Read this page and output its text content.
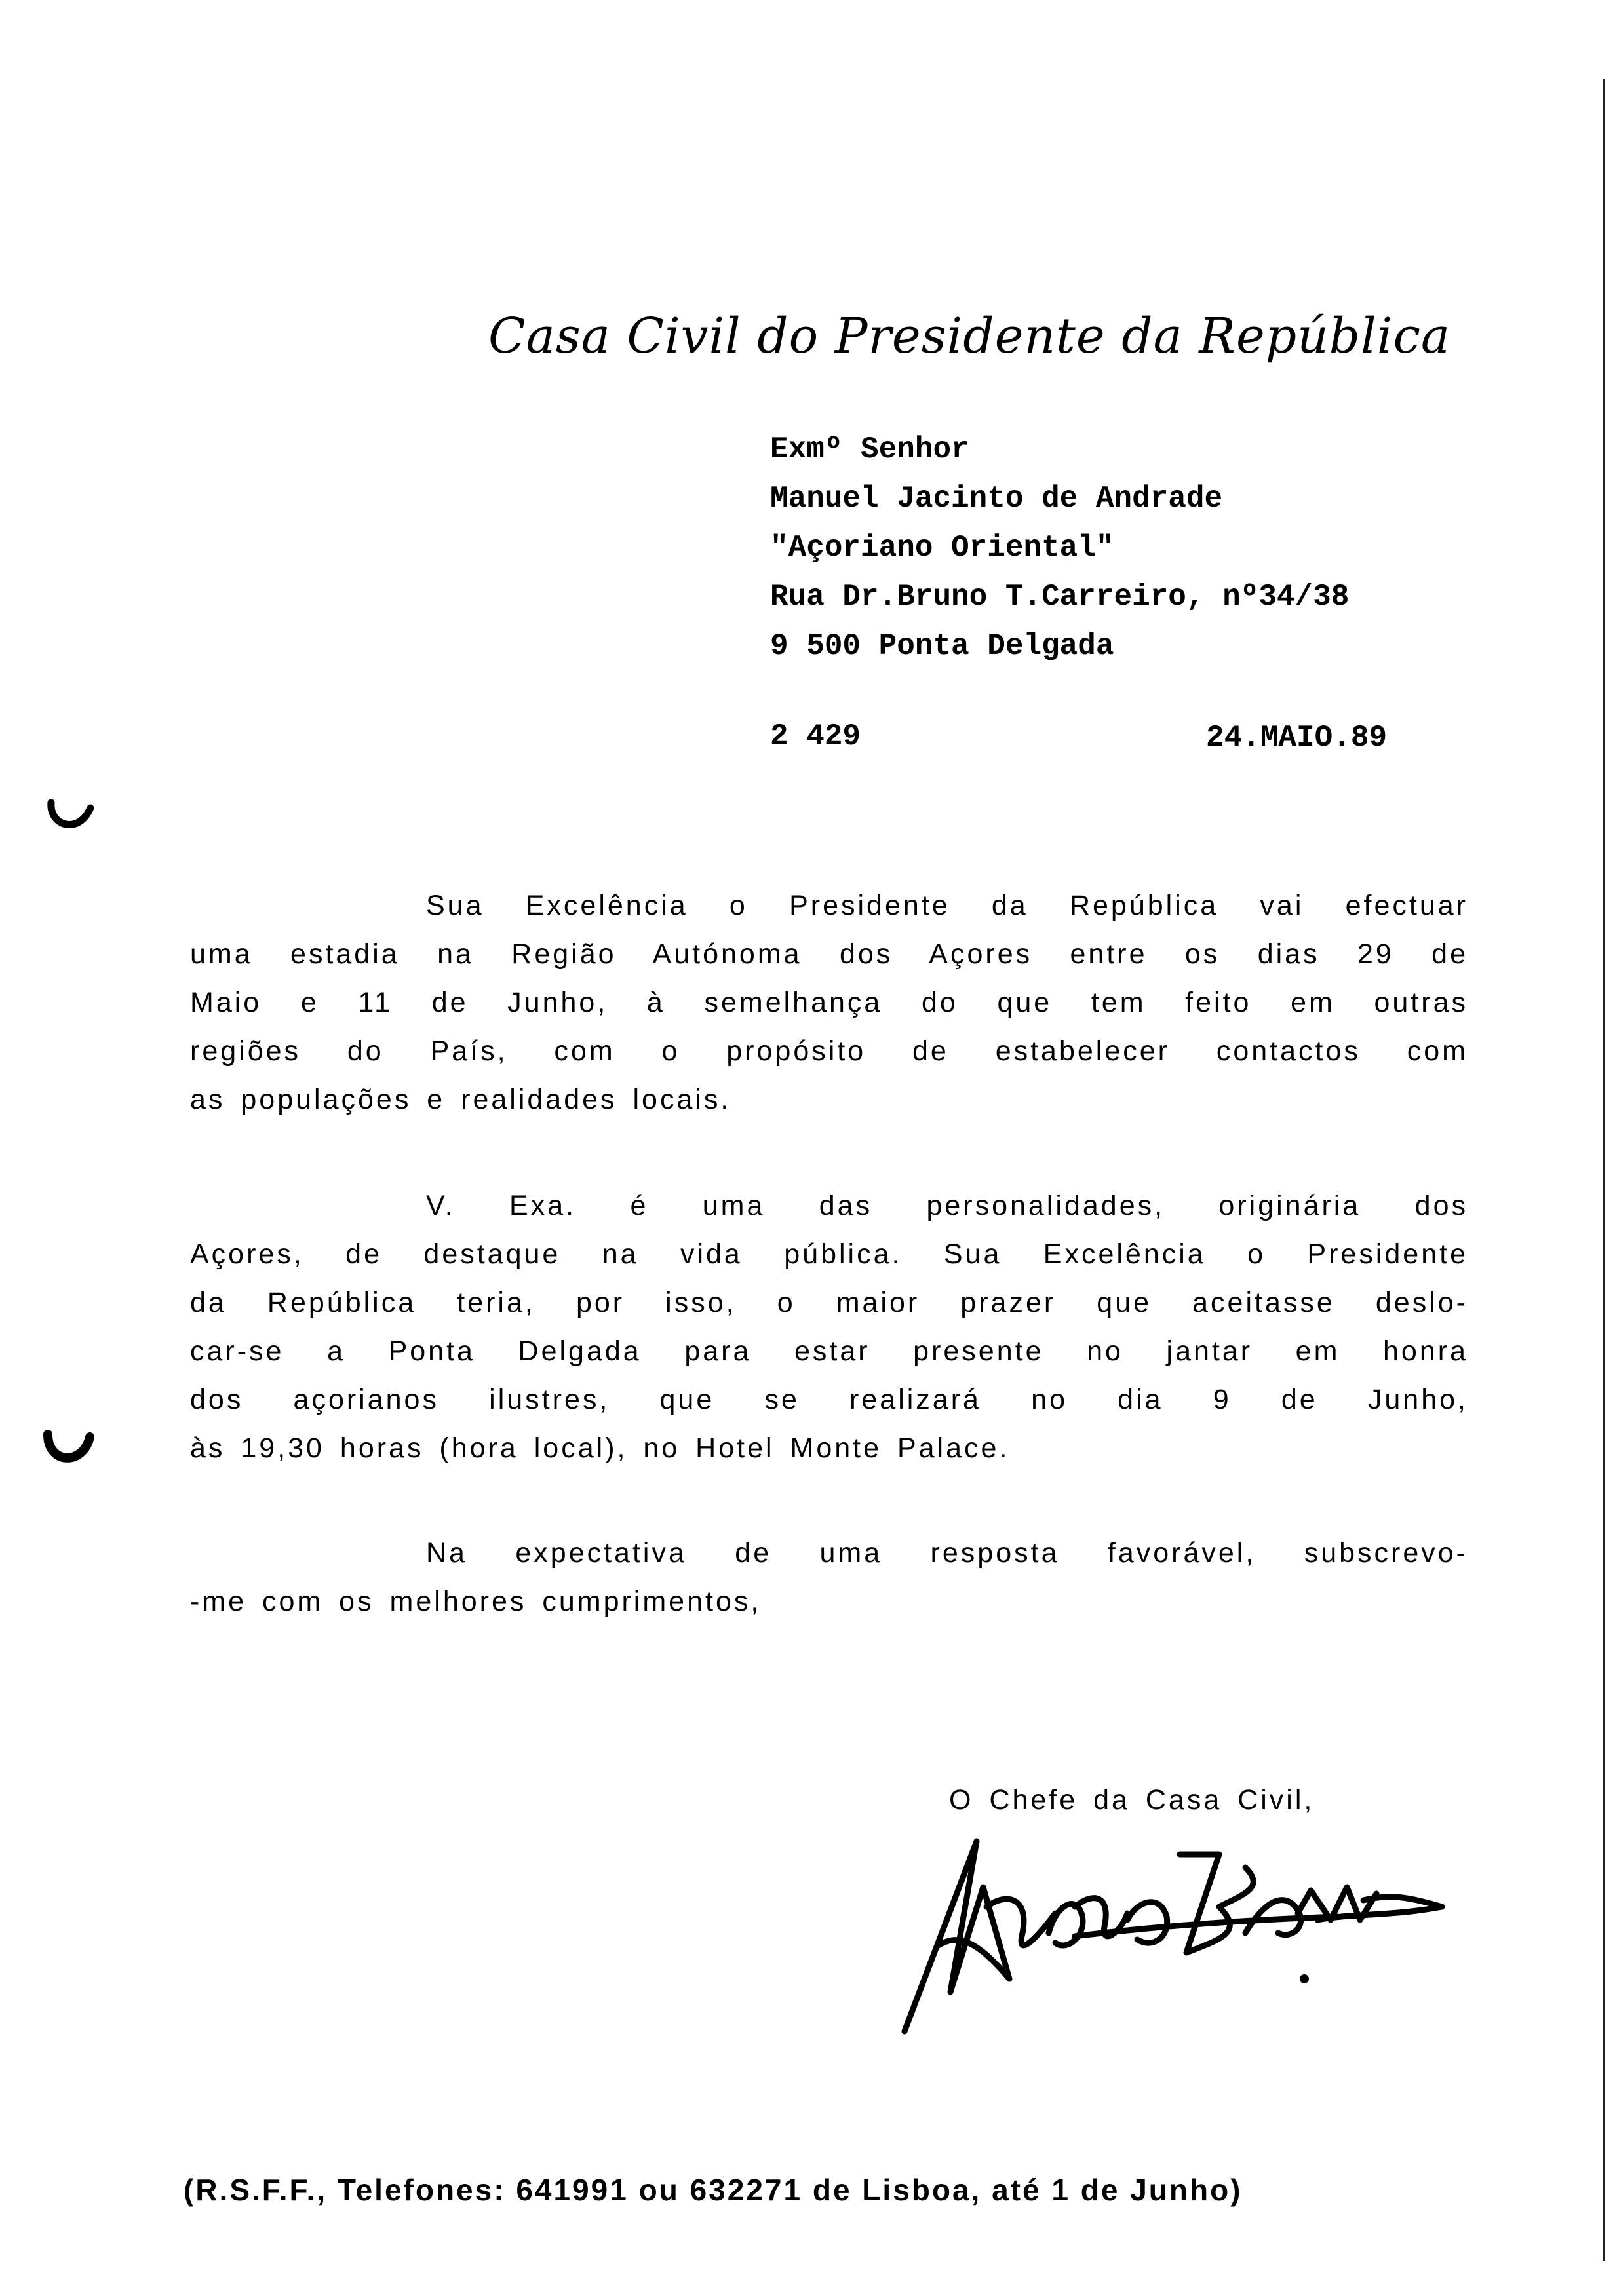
Casa Civil do Presidente da República
Exmº Senhor
Manuel Jacinto de Andrade
"Açoriano Oriental"
Rua Dr.Bruno T.Carreiro, nº34/38
9 500 Ponta Delgada
2 429	24.MAIO.89
Sua Excelência o Presidente da República vai efectuar
uma estadia na Região Autónoma dos Açores entre os dias 29 de
Maio e 11 de Junho, à semelhança do que tem feito em outras
regiões do País, com o propósito de estabelecer contactos com
as populações e realidades locais.
V. Exa. é uma das personalidades, originária dos
Açores, de destaque na vida pública. Sua Excelência o Presidente
da República teria, por isso, o maior prazer que aceitasse deslo-
car-se a Ponta Delgada para estar presente no jantar em honra
dos açorianos ilustres, que se realizará no dia 9 de Junho,
às 19,30 horas (hora local), no Hotel Monte Palace.
Na expectativa de uma resposta favorável, subscrevo-
-me com os melhores cumprimentos,
O Chefe da Casa Civil,
(R.S.F.F., Telefones: 641991 ou 632271 de Lisboa, até 1 de Junho)
